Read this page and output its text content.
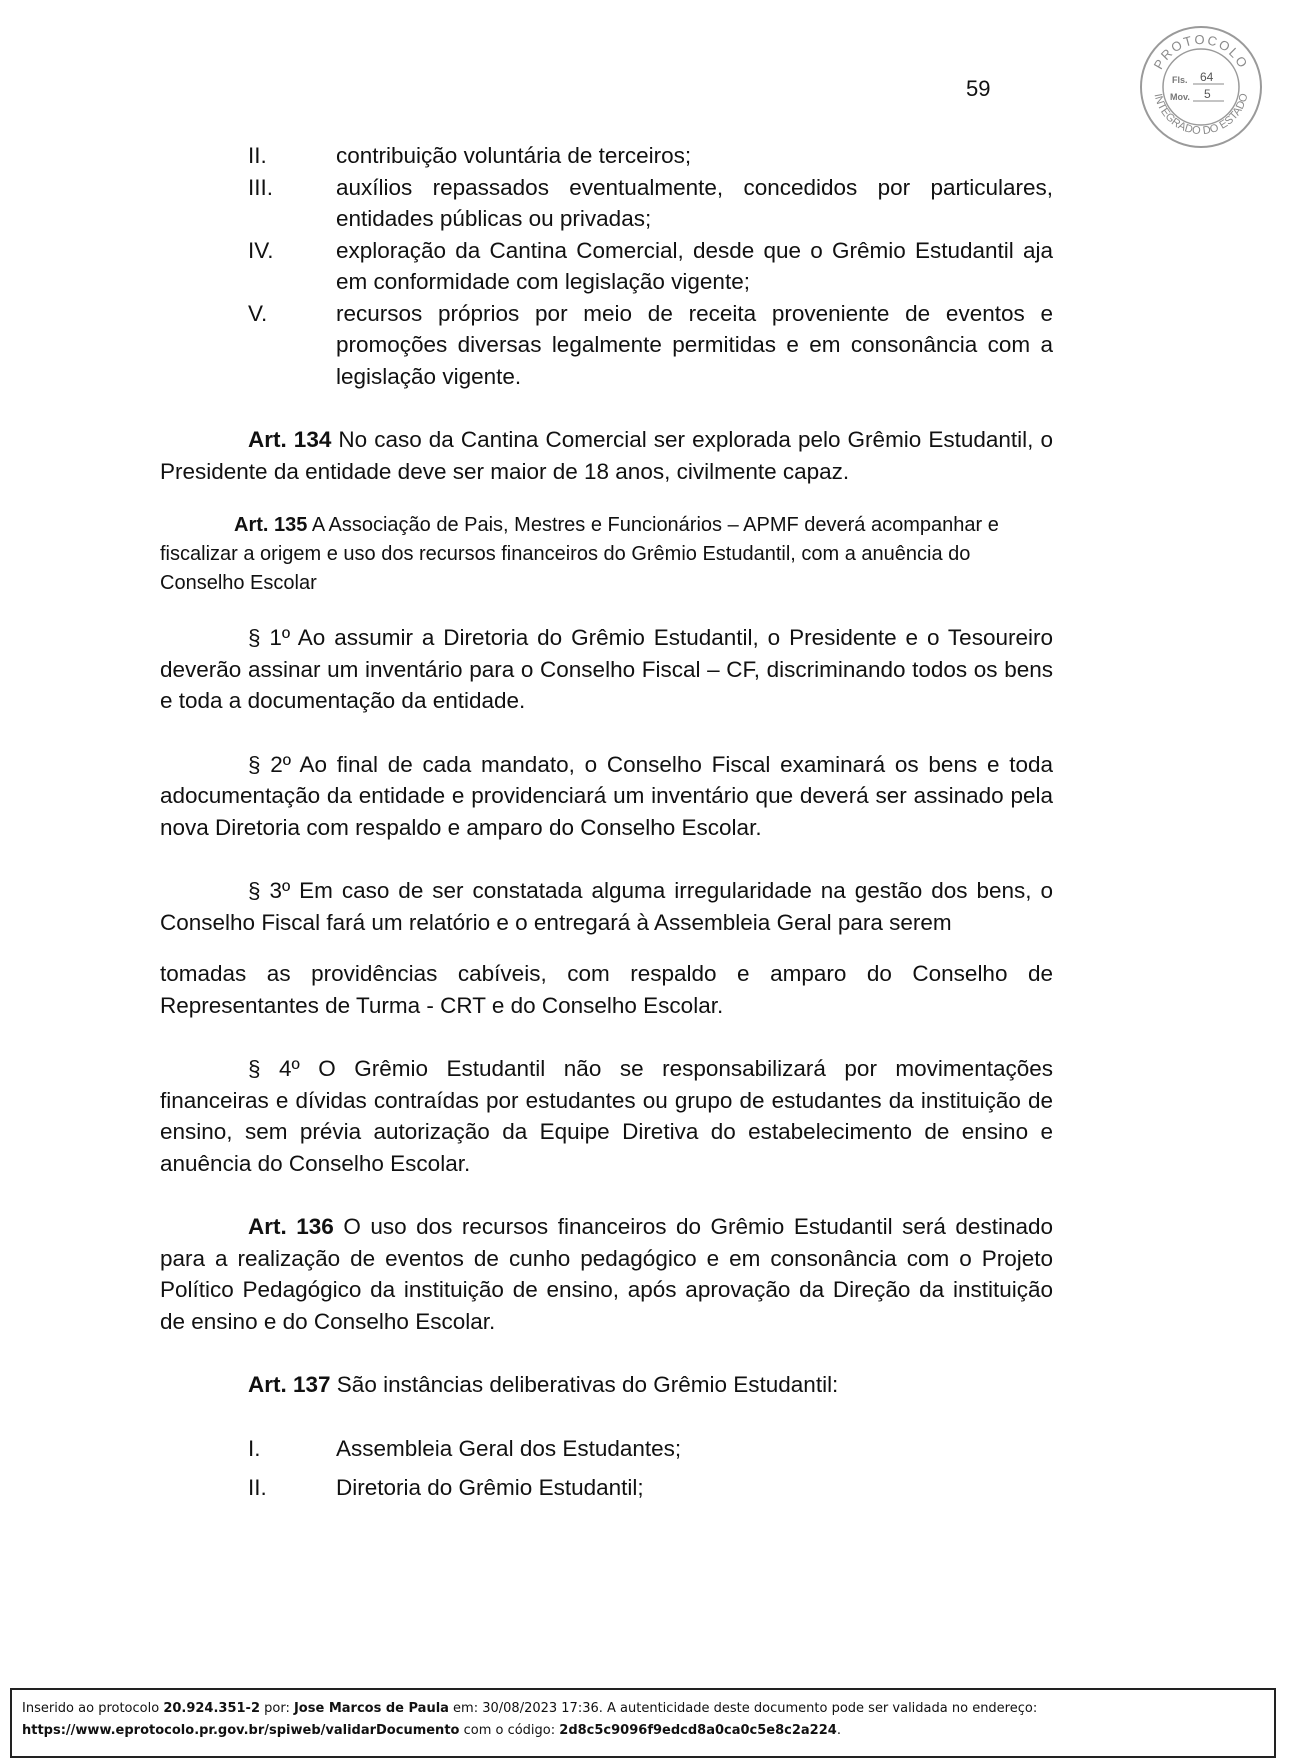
59
PROTOCOLO
INTEGRADO DO ESTADO
Fls. 64
Mov. 5
II.	contribuição voluntária de terceiros;
III.	auxílios repassados eventualmente, concedidos por particulares, entidades públicas ou privadas;
IV.	exploração da Cantina Comercial, desde que o Grêmio Estudantil aja em conformidade com legislação vigente;
V.	recursos próprios por meio de receita proveniente de eventos e promoções diversas legalmente permitidas e em consonância com a legislação vigente.

Art. 134 No caso da Cantina Comercial ser explorada pelo Grêmio Estudantil, o Presidente da entidade deve ser maior de 18 anos, civilmente capaz.

Art. 135 A Associação de Pais, Mestres e Funcionários – APMF deverá acompanhar e fiscalizar a origem e uso dos recursos financeiros do Grêmio Estudantil, com a anuência do Conselho Escolar

§ 1º Ao assumir a Diretoria do Grêmio Estudantil, o Presidente e o Tesoureiro deverão assinar um inventário para o Conselho Fiscal – CF, discriminando todos os bens e toda a documentação da entidade.

§ 2º Ao final de cada mandato, o Conselho Fiscal examinará os bens e toda adocumentação da entidade e providenciará um inventário que deverá ser assinado pela nova Diretoria com respaldo e amparo do Conselho Escolar.

§ 3º Em caso de ser constatada alguma irregularidade na gestão dos bens, o Conselho Fiscal fará um relatório e o entregará à Assembleia Geral para serem

tomadas as providências cabíveis, com respaldo e amparo do Conselho de Representantes de Turma - CRT e do Conselho Escolar.

§ 4º O Grêmio Estudantil não se responsabilizará por movimentações financeiras e dívidas contraídas por estudantes ou grupo de estudantes da instituição de ensino, sem prévia autorização da Equipe Diretiva do estabelecimento de ensino e anuência do Conselho Escolar.

Art. 136 O uso dos recursos financeiros do Grêmio Estudantil será destinado para a realização de eventos de cunho pedagógico e em consonância com o Projeto Político Pedagógico da instituição de ensino, após aprovação da Direção da instituição de ensino e do Conselho Escolar.

Art. 137 São instâncias deliberativas do Grêmio Estudantil:

I.	Assembleia Geral dos Estudantes;
II.	Diretoria do Grêmio Estudantil;
Inserido ao protocolo 20.924.351-2 por: Jose Marcos de Paula em: 30/08/2023 17:36. A autenticidade deste documento pode ser validada no endereço:
https://www.eprotocolo.pr.gov.br/spiweb/validarDocumento com o código: 2d8c5c9096f9edcd8a0ca0c5e8c2a224.
